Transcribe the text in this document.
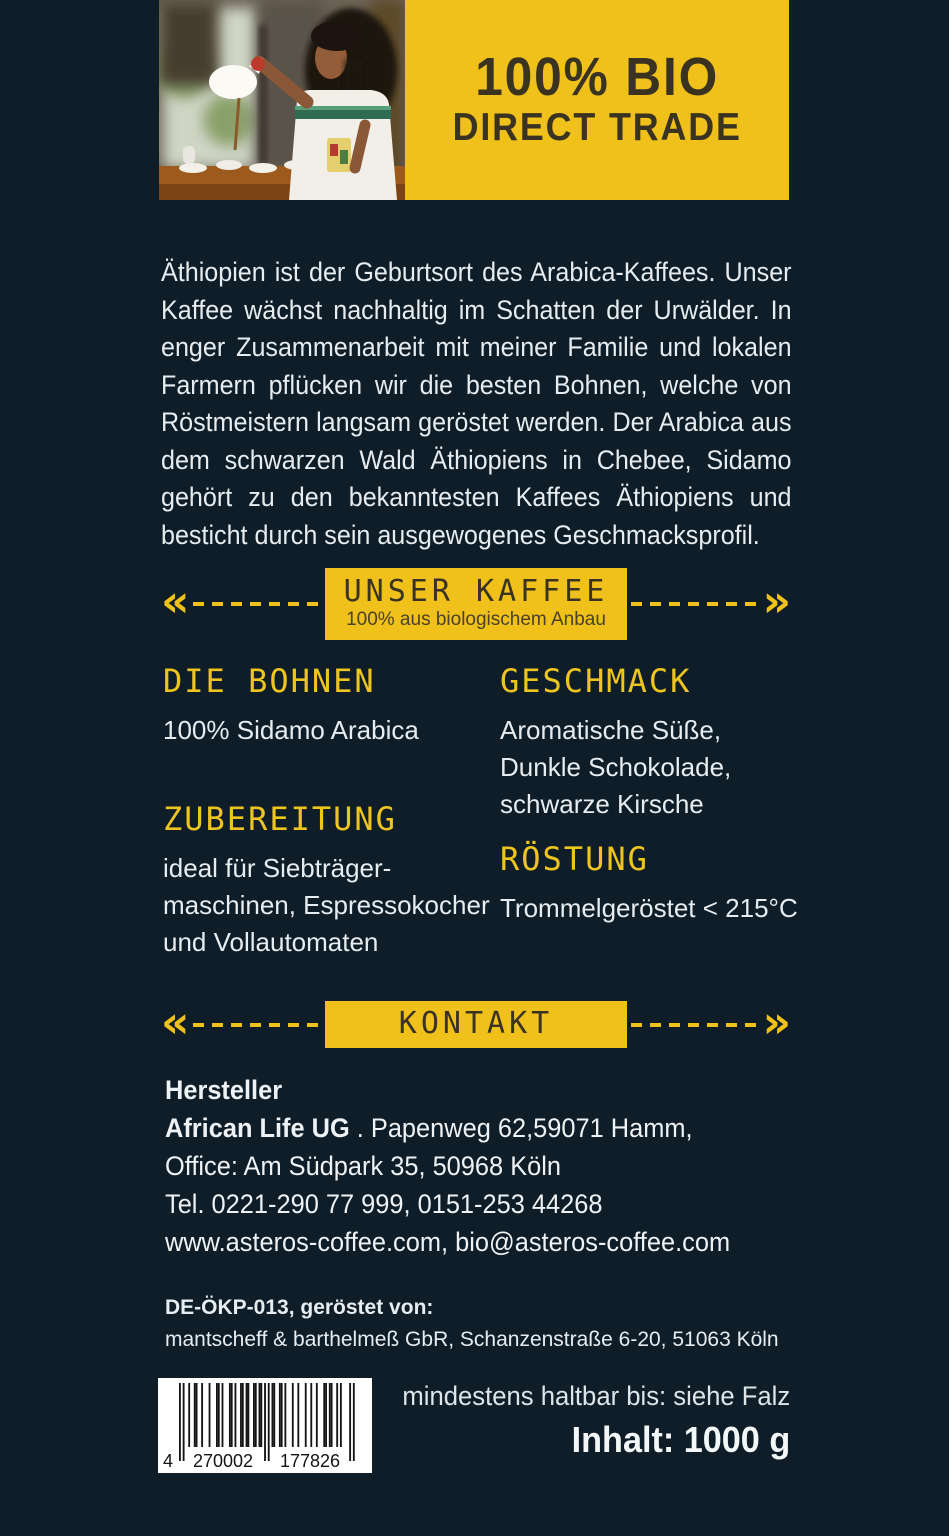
100% BIO
DIRECT TRADE

Äthiopien ist der Geburtsort des Arabica-Kaffees. Unser Kaffee wächst nachhaltig im Schatten der Urwälder. In enger Zusammenarbeit mit meiner Familie und lokalen Farmern pflücken wir die besten Bohnen, welche von Röstmeistern langsam geröstet werden. Der Arabica aus dem schwarzen Wald Äthiopiens in Chebee, Sidamo gehört zu den bekanntesten Kaffees Äthiopiens und besticht durch sein ausgewogenes Geschmacksprofil.

«	UNSER KAFFEE
100% aus biologischem Anbau	»
DIE BOHNEN
100% Sidamo Arabica
GESCHMACK
Aromatische Süße,
Dunkle Schokolade,
schwarze Kirsche
ZUBEREITUNG
ideal für Siebträger-
maschinen, Espressokocher
und Vollautomaten
RÖSTUNG
Trommelgeröstet < 215°C
«	KONTAKT	»
Hersteller
African Life UG . Papenweg 62,59071 Hamm,
Office: Am Südpark 35, 50968 Köln
Tel. 0221-290 77 999, 0151-253 44268
www.asteros-coffee.com, bio@asteros-coffee.com
DE-ÖKP-013, geröstet von:
mantscheff & barthelmeß GbR, Schanzenstraße 6-20, 51063 Köln
4 270002 177826
mindestens haltbar bis: siehe Falz
Inhalt: 1000 g
